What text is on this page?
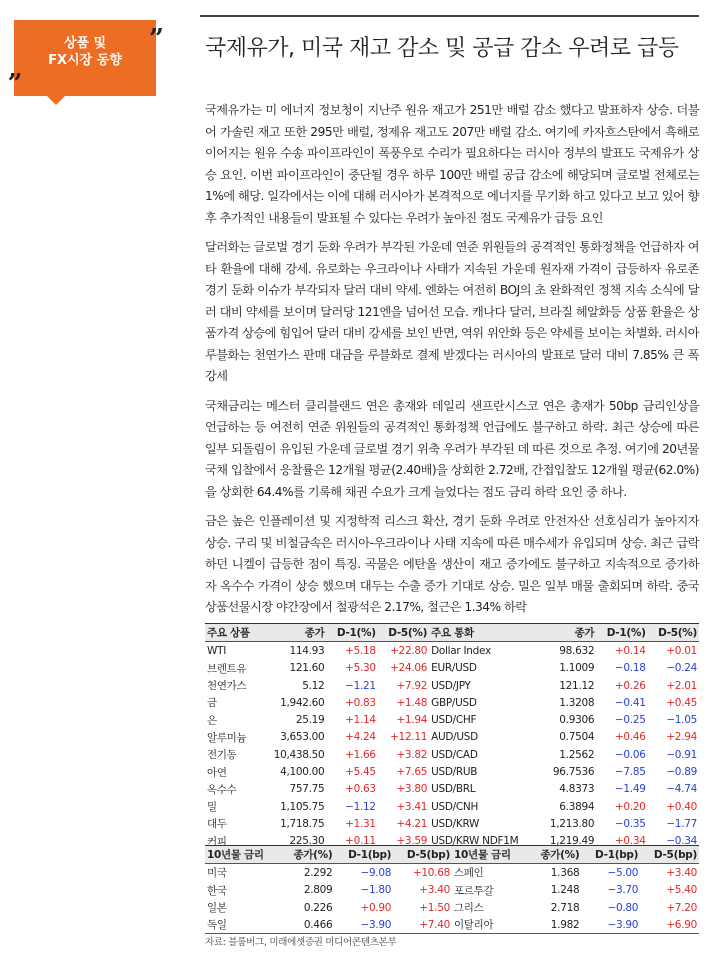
상품 및
FX시장 동향
”
„
국제유가, 미국 재고 감소 및 공급 감소 우려로 급등

국제유가는 미 에너지 정보청이 지난주 원유 재고가 251만 배럴 감소 했다고 발표하자 상승. 더불어 가솔린 재고 또한 295만 배럴, 정제유 재고도 207만 배럴 감소. 여기에 카자흐스탄에서 흑해로 이어지는 원유 수송 파이프라인이 폭풍우로 수리가 필요하다는 러시아 정부의 발표도 국제유가 상승 요인. 이번 파이프라인이 중단될 경우 하루 100만 배럴 공급 감소에 해당되며 글로벌 전체로는 1%에 해당. 일각에서는 이에 대해 러시아가 본격적으로 에너지를 무기화 하고 있다고 보고 있어 향후 추가적인 내용들이 발표될 수 있다는 우려가 높아진 점도 국제유가 급등 요인

달러화는 글로벌 경기 둔화 우려가 부각된 가운데 연준 위원들의 공격적인 통화정책을 언급하자 여타 환율에 대해 강세. 유로화는 우크라이나 사태가 지속된 가운데 원자재 가격이 급등하자 유로존 경기 둔화 이슈가 부각되자 달러 대비 약세. 엔화는 여전히 BOJ의 초 완화적인 정책 지속 소식에 달러 대비 약세를 보이며 달러당 121엔을 넘어선 모습. 캐나다 달러, 브라질 헤알화등 상품 환율은 상품가격 상승에 힘입어 달러 대비 강세를 보인 반면, 역위 위안화 등은 약세를 보이는 차별화. 러시아 루블화는 천연가스 판매 대금을 루블화로 결제 받겠다는 러시아의 발표로 달러 대비 7.85% 큰 폭 강세

국채금리는 메스터 클리블랜드 연은 총재와 데일리 샌프란시스코 연은 총재가 50bp 금리인상을 언급하는 등 여전히 연준 위원들의 공격적인 통화정책 언급에도 불구하고 하락. 최근 상승에 따른 일부 되돌림이 유입된 가운데 글로벌 경기 위축 우려가 부각된 데 따른 것으로 추정. 여기에 20년물 국채 입찰에서 응찰률은 12개월 평균(2.40배)을 상회한 2.72배, 간접입찰도 12개월 평균(62.0%)을 상회한 64.4%를 기록해 채권 수요가 크게 늘었다는 점도 금리 하락 요인 중 하나.

금은 높은 인플레이션 및 지정학적 리스크 확산, 경기 둔화 우려로 안전자산 선호심리가 높아지자 상승. 구리 및 비철금속은 러시아-우크라이나 사태 지속에 따른 매수세가 유입되며 상승. 최근 급락하던 니켈이 급등한 점이 특징. 곡물은 에탄올 생산이 재고 증가에도 불구하고 지속적으로 증가하자 옥수수 가격이 상승 했으며 대두는 수출 증가 기대로 상승. 밀은 일부 매물 출회되며 하락. 중국 상품선물시장 야간장에서 철광석은 2.17%, 철근은 1.34% 하락

주요 상품	종가	D-1(%)	D-5(%)	주요 통화	종가	D-1(%)	D-5(%)
WTI	114.93	+5.18	+22.80	Dollar Index	98.632	+0.14	+0.01
브렌트유	121.60	+5.30	+24.06	EUR/USD	1.1009	−0.18	−0.24
천연가스	5.12	−1.21	+7.92	USD/JPY	121.12	+0.26	+2.01
금	1,942.60	+0.83	+1.48	GBP/USD	1.3208	−0.41	+0.45
은	25.19	+1.14	+1.94	USD/CHF	0.9306	−0.25	−1.05
알루미늄	3,653.00	+4.24	+12.11	AUD/USD	0.7504	+0.46	+2.94
전기동	10,438.50	+1.66	+3.82	USD/CAD	1.2562	−0.06	−0.91
아연	4,100.00	+5.45	+7.65	USD/RUB	96.7536	−7.85	−0.89
옥수수	757.75	+0.63	+3.80	USD/BRL	4.8373	−1.49	−4.74
밀	1,105.75	−1.12	+3.41	USD/CNH	6.3894	+0.20	+0.40
대두	1,718.75	+1.31	+4.21	USD/KRW	1,213.80	−0.35	−1.77
커피	225.30	+0.11	+3.59	USD/KRW NDF1M	1,219.49	+0.34	−0.34
10년물 금리	종가(%)	D-1(bp)	D-5(bp)	10년물 금리	종가(%)	D-1(bp)	D-5(bp)
미국	2.292	−9.08	+10.68	스페인	1.368	−5.00	+3.40
한국	2.809	−1.80	+3.40	포르투갈	1.248	−3.70	+5.40
일본	0.226	+0.90	+1.50	그리스	2.718	−0.80	+7.20
독일	0.466	−3.90	+7.40	이탈리아	1.982	−3.90	+6.90
자료: 블룸버그, 미래에셋증권 미디어콘텐츠본부
